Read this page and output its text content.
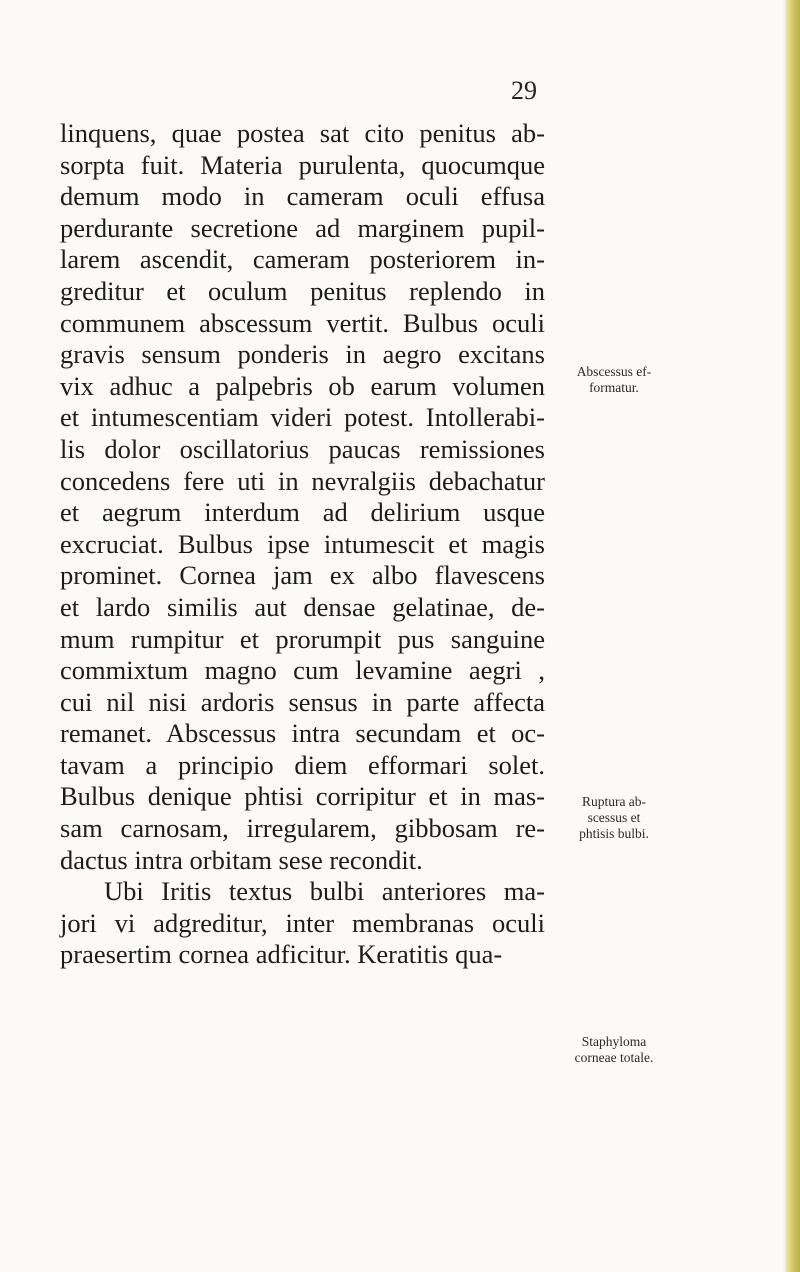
29
linquens, quae postea sat cito penitus ab-
sorpta fuit. Materia purulenta, quocumque
demum modo in cameram oculi effusa
perdurante secretione ad marginem pupil-
larem ascendit, cameram posteriorem in-
greditur et oculum penitus replendo in
communem abscessum vertit. Bulbus oculi
gravis sensum ponderis in aegro excitans
vix adhuc a palpebris ob earum volumen
et intumescentiam videri potest. Intollerabi-
lis dolor oscillatorius paucas remissiones
concedens fere uti in nevralgiis debachatur
et aegrum interdum ad delirium usque
excruciat. Bulbus ipse intumescit et magis
prominet. Cornea jam ex albo flavescens
et lardo similis aut densae gelatinae, de-
mum rumpitur et prorumpit pus sanguine
commixtum magno cum levamine aegri ,
cui nil nisi ardoris sensus in parte affecta
remanet. Abscessus intra secundam et oc-
tavam a principio diem efformari solet.
Bulbus denique phtisi corripitur et in mas-
sam carnosam, irregularem, gibbosam re-
dactus intra orbitam sese recondit.
Ubi Iritis textus bulbi anteriores ma-
jori vi adgreditur, inter membranas oculi
praesertim cornea adficitur. Keratitis qua-
Abscessus ef-
formatur.
Ruptura ab-
scessus et
phtisis bulbi.
Staphyloma
corneae totale.
